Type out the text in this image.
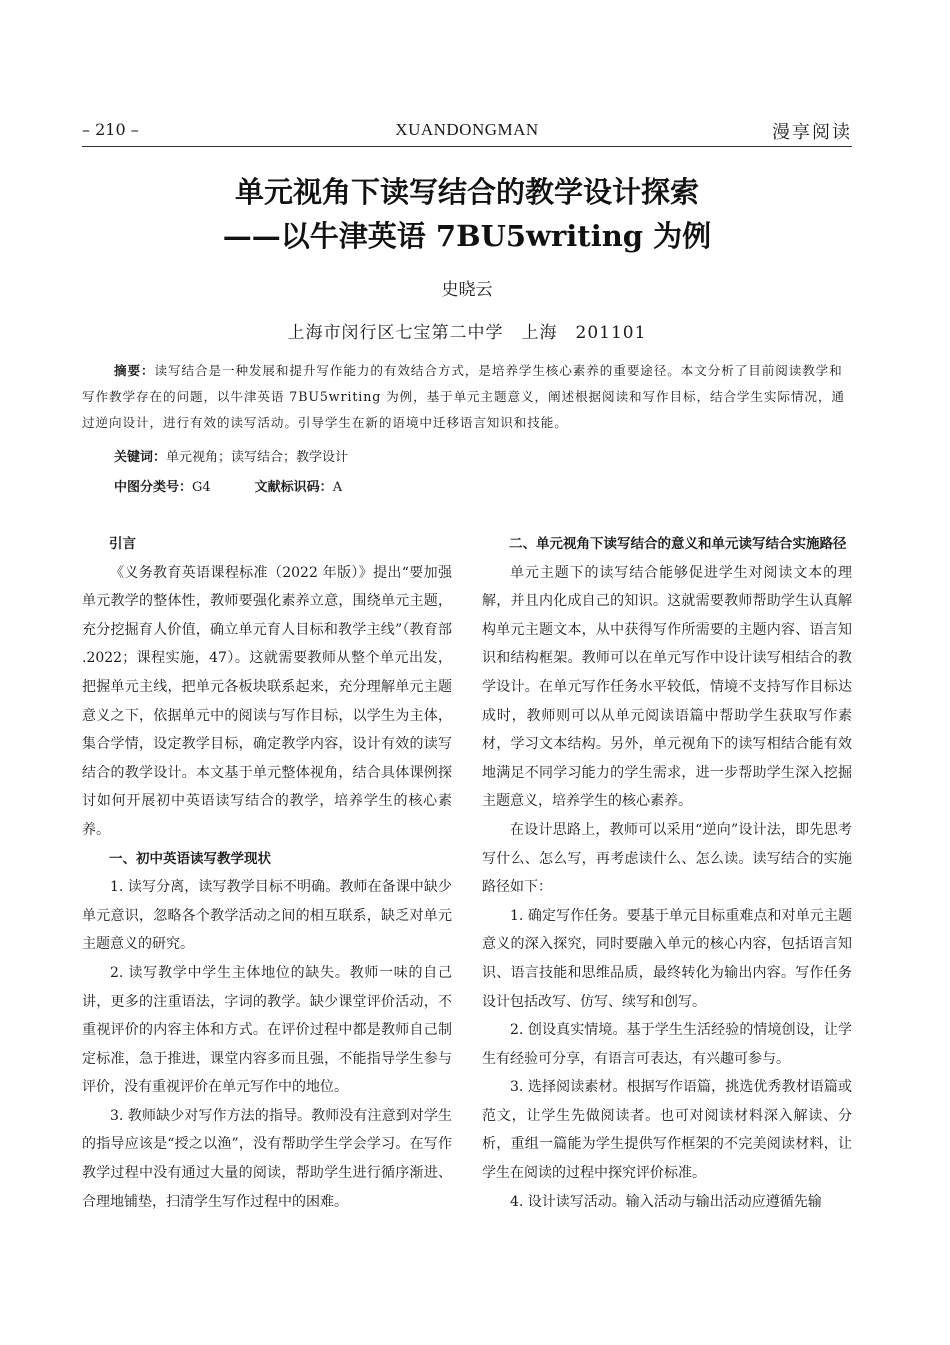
– 210 –	XUANDONGMAN	漫享阅读
单元视角下读写结合的教学设计探索
——以牛津英语 7BU5writing 为例
史晓云
上海市闵行区七宝第二中学　上海　201101
摘要：读写结合是一种发展和提升写作能力的有效结合方式，是培养学生核心素养的重要途径。本文分析了目前阅读教学和写作教学存在的问题，以牛津英语 7BU5writing 为例，基于单元主题意义，阐述根据阅读和写作目标，结合学生实际情况，通过逆向设计，进行有效的读写活动。引导学生在新的语境中迁移语言知识和技能。
关键词：单元视角；读写结合；教学设计
中图分类号：G4	文献标识码：A
引言

《义务教育英语课程标准（2022 年版）》提出“要加强单元教学的整体性，教师要强化素养立意，围绕单元主题，充分挖掘育人价值，确立单元育人目标和教学主线”（教育部 .2022；课程实施，47）。这就需要教师从整个单元出发，把握单元主线，把单元各板块联系起来，充分理解单元主题意义之下，依据单元中的阅读与写作目标，以学生为主体，集合学情，设定教学目标，确定教学内容，设计有效的读写结合的教学设计。本文基于单元整体视角，结合具体课例探讨如何开展初中英语读写结合的教学，培养学生的核心素养。

一、初中英语读写教学现状

1. 读写分离，读写教学目标不明确。教师在备课中缺少单元意识，忽略各个教学活动之间的相互联系，缺乏对单元主题意义的研究。

2. 读写教学中学生主体地位的缺失。教师一味的自己讲，更多的注重语法，字词的教学。缺少课堂评价活动，不重视评价的内容主体和方式。在评价过程中都是教师自己制定标准，急于推进，课堂内容多而且强，不能指导学生参与评价，没有重视评价在单元写作中的地位。

3. 教师缺少对写作方法的指导。教师没有注意到对学生的指导应该是“授之以渔”，没有帮助学生学会学习。在写作教学过程中没有通过大量的阅读，帮助学生进行循序渐进、合理地铺垫，扫清学生写作过程中的困难。

二、单元视角下读写结合的意义和单元读写结合实施路径

单元主题下的读写结合能够促进学生对阅读文本的理解，并且内化成自己的知识。这就需要教师帮助学生认真解构单元主题文本，从中获得写作所需要的主题内容、语言知识和结构框架。教师可以在单元写作中设计读写相结合的教学设计。在单元写作任务水平较低，情境不支持写作目标达成时，教师则可以从单元阅读语篇中帮助学生获取写作素材，学习文本结构。另外，单元视角下的读写相结合能有效地满足不同学习能力的学生需求，进一步帮助学生深入挖掘主题意义，培养学生的核心素养。

在设计思路上，教师可以采用“逆向”设计法，即先思考写什么、怎么写，再考虑读什么、怎么读。读写结合的实施路径如下：

1. 确定写作任务。要基于单元目标重难点和对单元主题意义的深入探究，同时要融入单元的核心内容，包括语言知识、语言技能和思维品质，最终转化为输出内容。写作任务设计包括改写、仿写、续写和创写。

2. 创设真实情境。基于学生生活经验的情境创设，让学生有经验可分享，有语言可表达，有兴趣可参与。

3. 选择阅读素材。根据写作语篇，挑选优秀教材语篇或范文，让学生先做阅读者。也可对阅读材料深入解读、分析，重组一篇能为学生提供写作框架的不完美阅读材料，让学生在阅读的过程中探究评价标准。

4. 设计读写活动。输入活动与输出活动应遵循先输
